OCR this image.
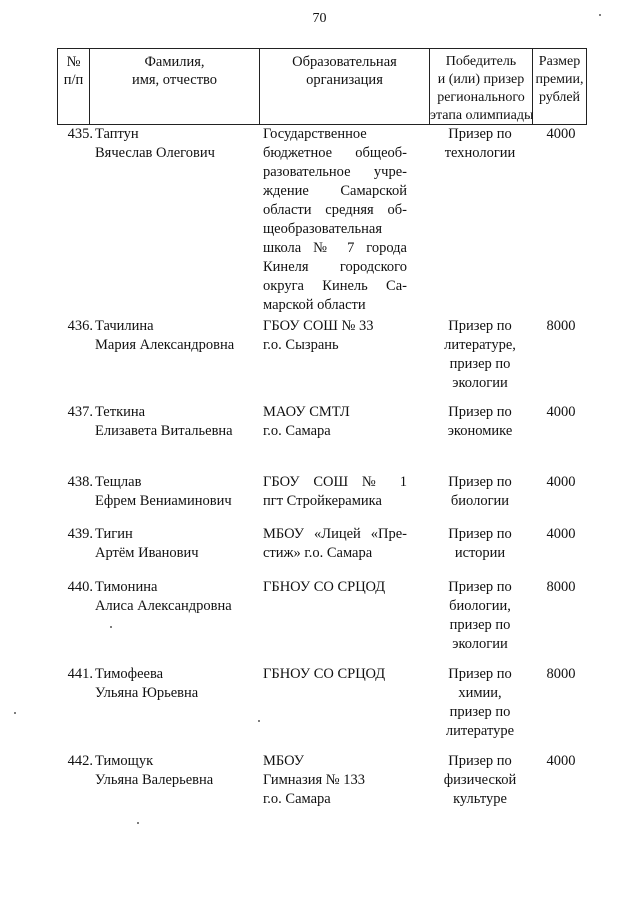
70
№
п/п
Фамилия,
имя, отчество
Образовательная
организация
Победитель
и (или) призер
регионального
этапа олимпиады
Размер
премии,
рублей
435. Таптун
Вячеслав Олегович
Государственное
бюджетное общеоб-
разовательное учре-
ждение Самарской
области средняя об-
щеобразовательная
школа № 7 города
Кинеля городского
округа Кинель Са-
марской области
Призер по
технологии
4000
436. Тачилина
Мария Александровна
ГБОУ СОШ № 33
г.о. Сызрань
Призер по
литературе,
призер по
экологии
8000
437. Теткина
Елизавета Витальевна
МАОУ СМТЛ
г.о. Самара
Призер по
экономике
4000
438. Тещлав
Ефрем Вениаминович
ГБОУ СОШ № 1
пгт Стройкерамика
Призер по
биологии
4000
439. Тигин
Артём Иванович
МБОУ «Лицей «Пре-
стиж» г.о. Самара
Призер по
истории
4000
440. Тимонина
Алиса Александровна
ГБНОУ СО СРЦОД	Призер по
биологии,
призер по
экологии
8000
441. Тимофеева
Ульяна Юрьевна
ГБНОУ СО СРЦОД	Призер по
химии,
призер по
литературе
8000
442. Тимощук
Ульяна Валерьевна
МБОУ
Гимназия № 133
г.о. Самара
Призер по
физической
культуре
4000
